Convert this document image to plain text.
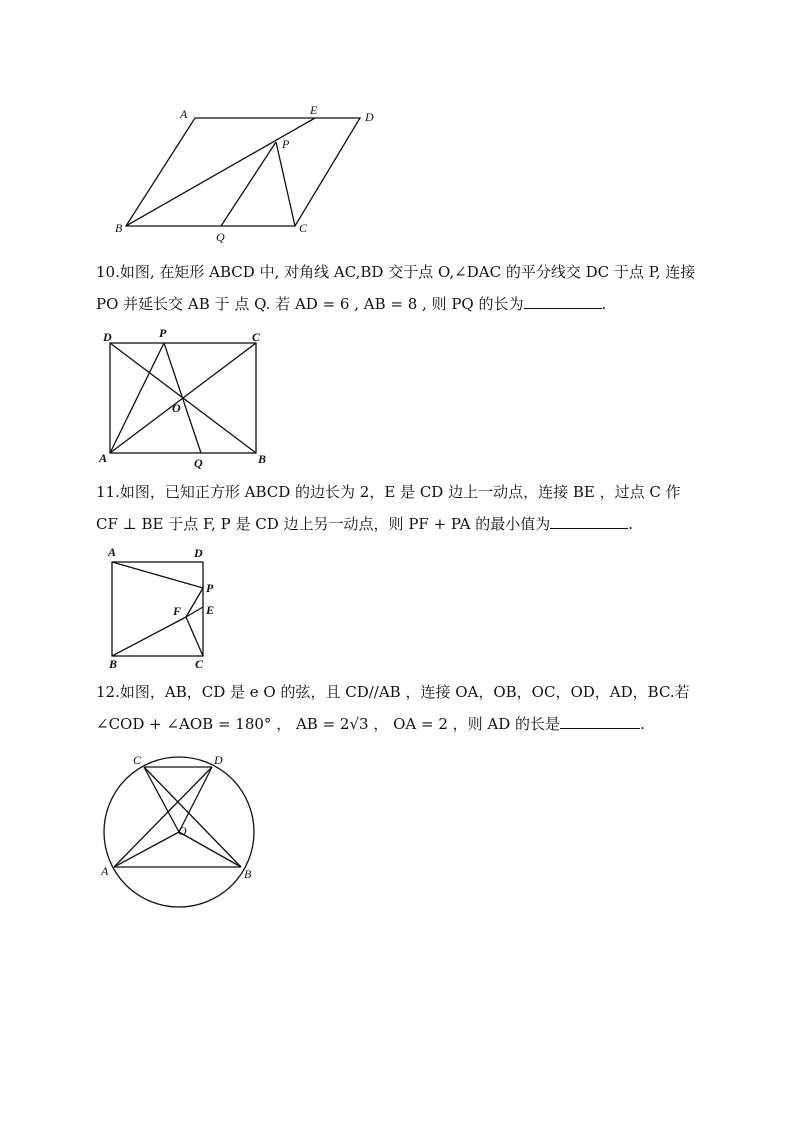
A	E	D
P
B
Q
C
10.如图, 在矩形 ABCD 中, 对角线 AC,BD 交于点 O,∠DAC 的平分线交 DC 于点 P, 连接
PO 并延长交 AB 于 点 Q. 若 AD = 6 , AB = 8 , 则 PQ 的长为	.
D	P	C
O
A	Q	B
11.如图，已知正方形 ABCD 的边长为 2，E 是 CD 边上一动点，连接 BE ，过点 C 作
CF ⊥ BE 于点 F, P 是 CD 边上另一动点，则 PF + PA 的最小值为	.
A	D
P
F E
B	C
12.如图，AB，CD 是 e O 的弦，且 CD//AB ，连接 OA，OB，OC，OD，AD，BC.若
∠COD + ∠AOB = 180° ， AB = 2√3 ， OA = 2 ，则 AD 的长是	.
C	D
O
A	B
